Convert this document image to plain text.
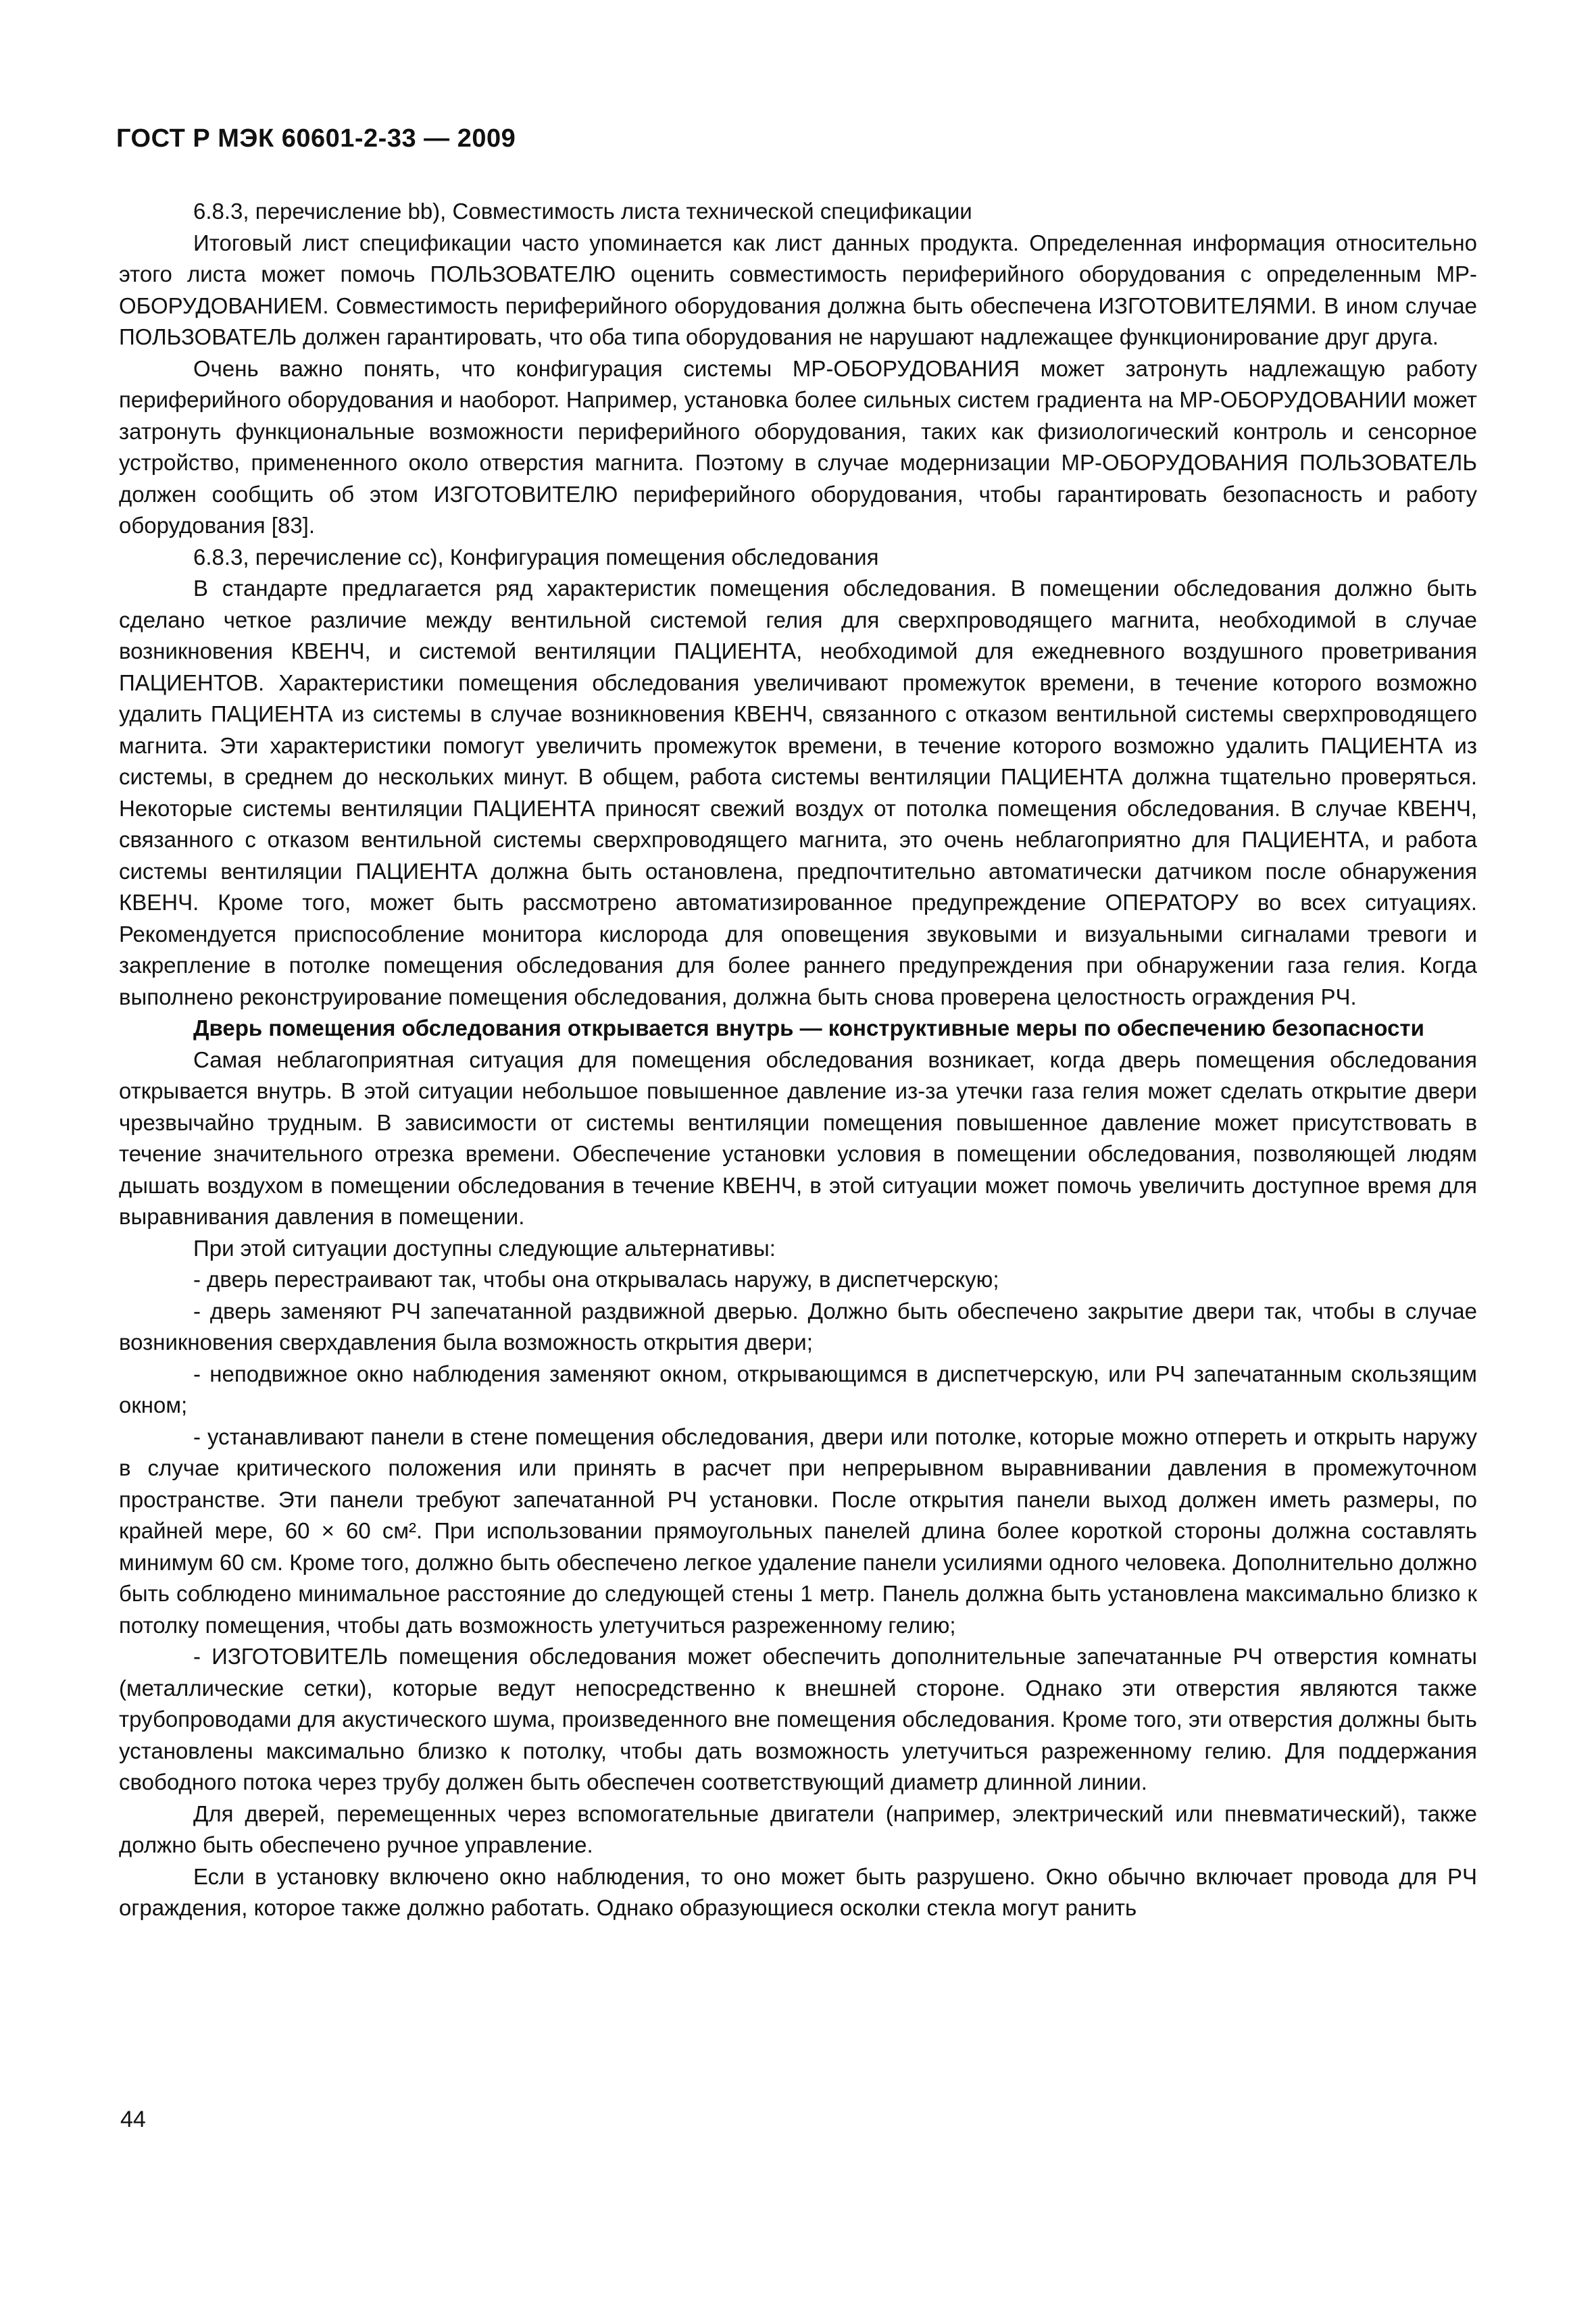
ГОСТ Р МЭК 60601-2-33 — 2009

6.8.3, перечисление bb), Совместимость листа технической спецификации

Итоговый лист спецификации часто упоминается как лист данных продукта. Определенная информация относительно этого листа может помочь ПОЛЬЗОВАТЕЛЮ оценить совместимость периферийного оборудования с определенным МР-ОБОРУДОВАНИЕМ. Совместимость периферийного оборудования должна быть обеспечена ИЗГОТОВИТЕЛЯМИ. В ином случае ПОЛЬЗОВАТЕЛЬ должен гарантировать, что оба типа оборудования не нарушают надлежащее функционирование друг друга.

Очень важно понять, что конфигурация системы МР-ОБОРУДОВАНИЯ может затронуть надлежащую работу периферийного оборудования и наоборот. Например, установка более сильных систем градиента на МР-ОБОРУДОВАНИИ может затронуть функциональные возможности периферийного оборудования, таких как физиологический контроль и сенсорное устройство, примененного около отверстия магнита. Поэтому в случае модернизации МР-ОБОРУДОВАНИЯ ПОЛЬЗОВАТЕЛЬ должен сообщить об этом ИЗГОТОВИТЕЛЮ периферийного оборудования, чтобы гарантировать безопасность и работу оборудования [83].

6.8.3, перечисление cc), Конфигурация помещения обследования

В стандарте предлагается ряд характеристик помещения обследования. В помещении обследования должно быть сделано четкое различие между вентильной системой гелия для сверхпроводящего магнита, необходимой в случае возникновения КВЕНЧ, и системой вентиляции ПАЦИЕНТА, необходимой для ежедневного воздушного проветривания ПАЦИЕНТОВ. Характеристики помещения обследования увеличивают промежуток времени, в течение которого возможно удалить ПАЦИЕНТА из системы в случае возникновения КВЕНЧ, связанного с отказом вентильной системы сверхпроводящего магнита. Эти характеристики помогут увеличить промежуток времени, в течение которого возможно удалить ПАЦИЕНТА из системы, в среднем до нескольких минут. В общем, работа системы вентиляции ПАЦИЕНТА должна тщательно проверяться. Некоторые системы вентиляции ПАЦИЕНТА приносят свежий воздух от потолка помещения обследования. В случае КВЕНЧ, связанного с отказом вентильной системы сверхпроводящего магнита, это очень неблагоприятно для ПАЦИЕНТА, и работа системы вентиляции ПАЦИЕНТА должна быть остановлена, предпочтительно автоматически датчиком после обнаружения КВЕНЧ. Кроме того, может быть рассмотрено автоматизированное предупреждение ОПЕРАТОРУ во всех ситуациях. Рекомендуется приспособление монитора кислорода для оповещения звуковыми и визуальными сигналами тревоги и закрепление в потолке помещения обследования для более раннего предупреждения при обнаружении газа гелия. Когда выполнено реконструирование помещения обследования, должна быть снова проверена целостность ограждения РЧ.

Дверь помещения обследования открывается внутрь — конструктивные меры по обеспечению безопасности

Самая неблагоприятная ситуация для помещения обследования возникает, когда дверь помещения обследования открывается внутрь. В этой ситуации небольшое повышенное давление из-за утечки газа гелия может сделать открытие двери чрезвычайно трудным. В зависимости от системы вентиляции помещения повышенное давление может присутствовать в течение значительного отрезка времени. Обеспечение установки условия в помещении обследования, позволяющей людям дышать воздухом в помещении обследования в течение КВЕНЧ, в этой ситуации может помочь увеличить доступное время для выравнивания давления в помещении.

При этой ситуации доступны следующие альтернативы:

- дверь перестраивают так, чтобы она открывалась наружу, в диспетчерскую;

- дверь заменяют РЧ запечатанной раздвижной дверью. Должно быть обеспечено закрытие двери так, чтобы в случае возникновения сверхдавления была возможность открытия двери;

- неподвижное окно наблюдения заменяют окном, открывающимся в диспетчерскую, или РЧ запечатанным скользящим окном;

- устанавливают панели в стене помещения обследования, двери или потолке, которые можно отпереть и открыть наружу в случае критического положения или принять в расчет при непрерывном выравнивании давления в промежуточном пространстве. Эти панели требуют запечатанной РЧ установки. После открытия панели выход должен иметь размеры, по крайней мере, 60 × 60 см². При использовании прямоугольных панелей длина более короткой стороны должна составлять минимум 60 см. Кроме того, должно быть обеспечено легкое удаление панели усилиями одного человека. Дополнительно должно быть соблюдено минимальное расстояние до следующей стены 1 метр. Панель должна быть установлена максимально близко к потолку помещения, чтобы дать возможность улетучиться разреженному гелию;

- ИЗГОТОВИТЕЛЬ помещения обследования может обеспечить дополнительные запечатанные РЧ отверстия комнаты (металлические сетки), которые ведут непосредственно к внешней стороне. Однако эти отверстия являются также трубопроводами для акустического шума, произведенного вне помещения обследования. Кроме того, эти отверстия должны быть установлены максимально близко к потолку, чтобы дать возможность улетучиться разреженному гелию. Для поддержания свободного потока через трубу должен быть обеспечен соответствующий диаметр длинной линии.

Для дверей, перемещенных через вспомогательные двигатели (например, электрический или пневматический), также должно быть обеспечено ручное управление.

Если в установку включено окно наблюдения, то оно может быть разрушено. Окно обычно включает провода для РЧ ограждения, которое также должно работать. Однако образующиеся осколки стекла могут ранить

44
